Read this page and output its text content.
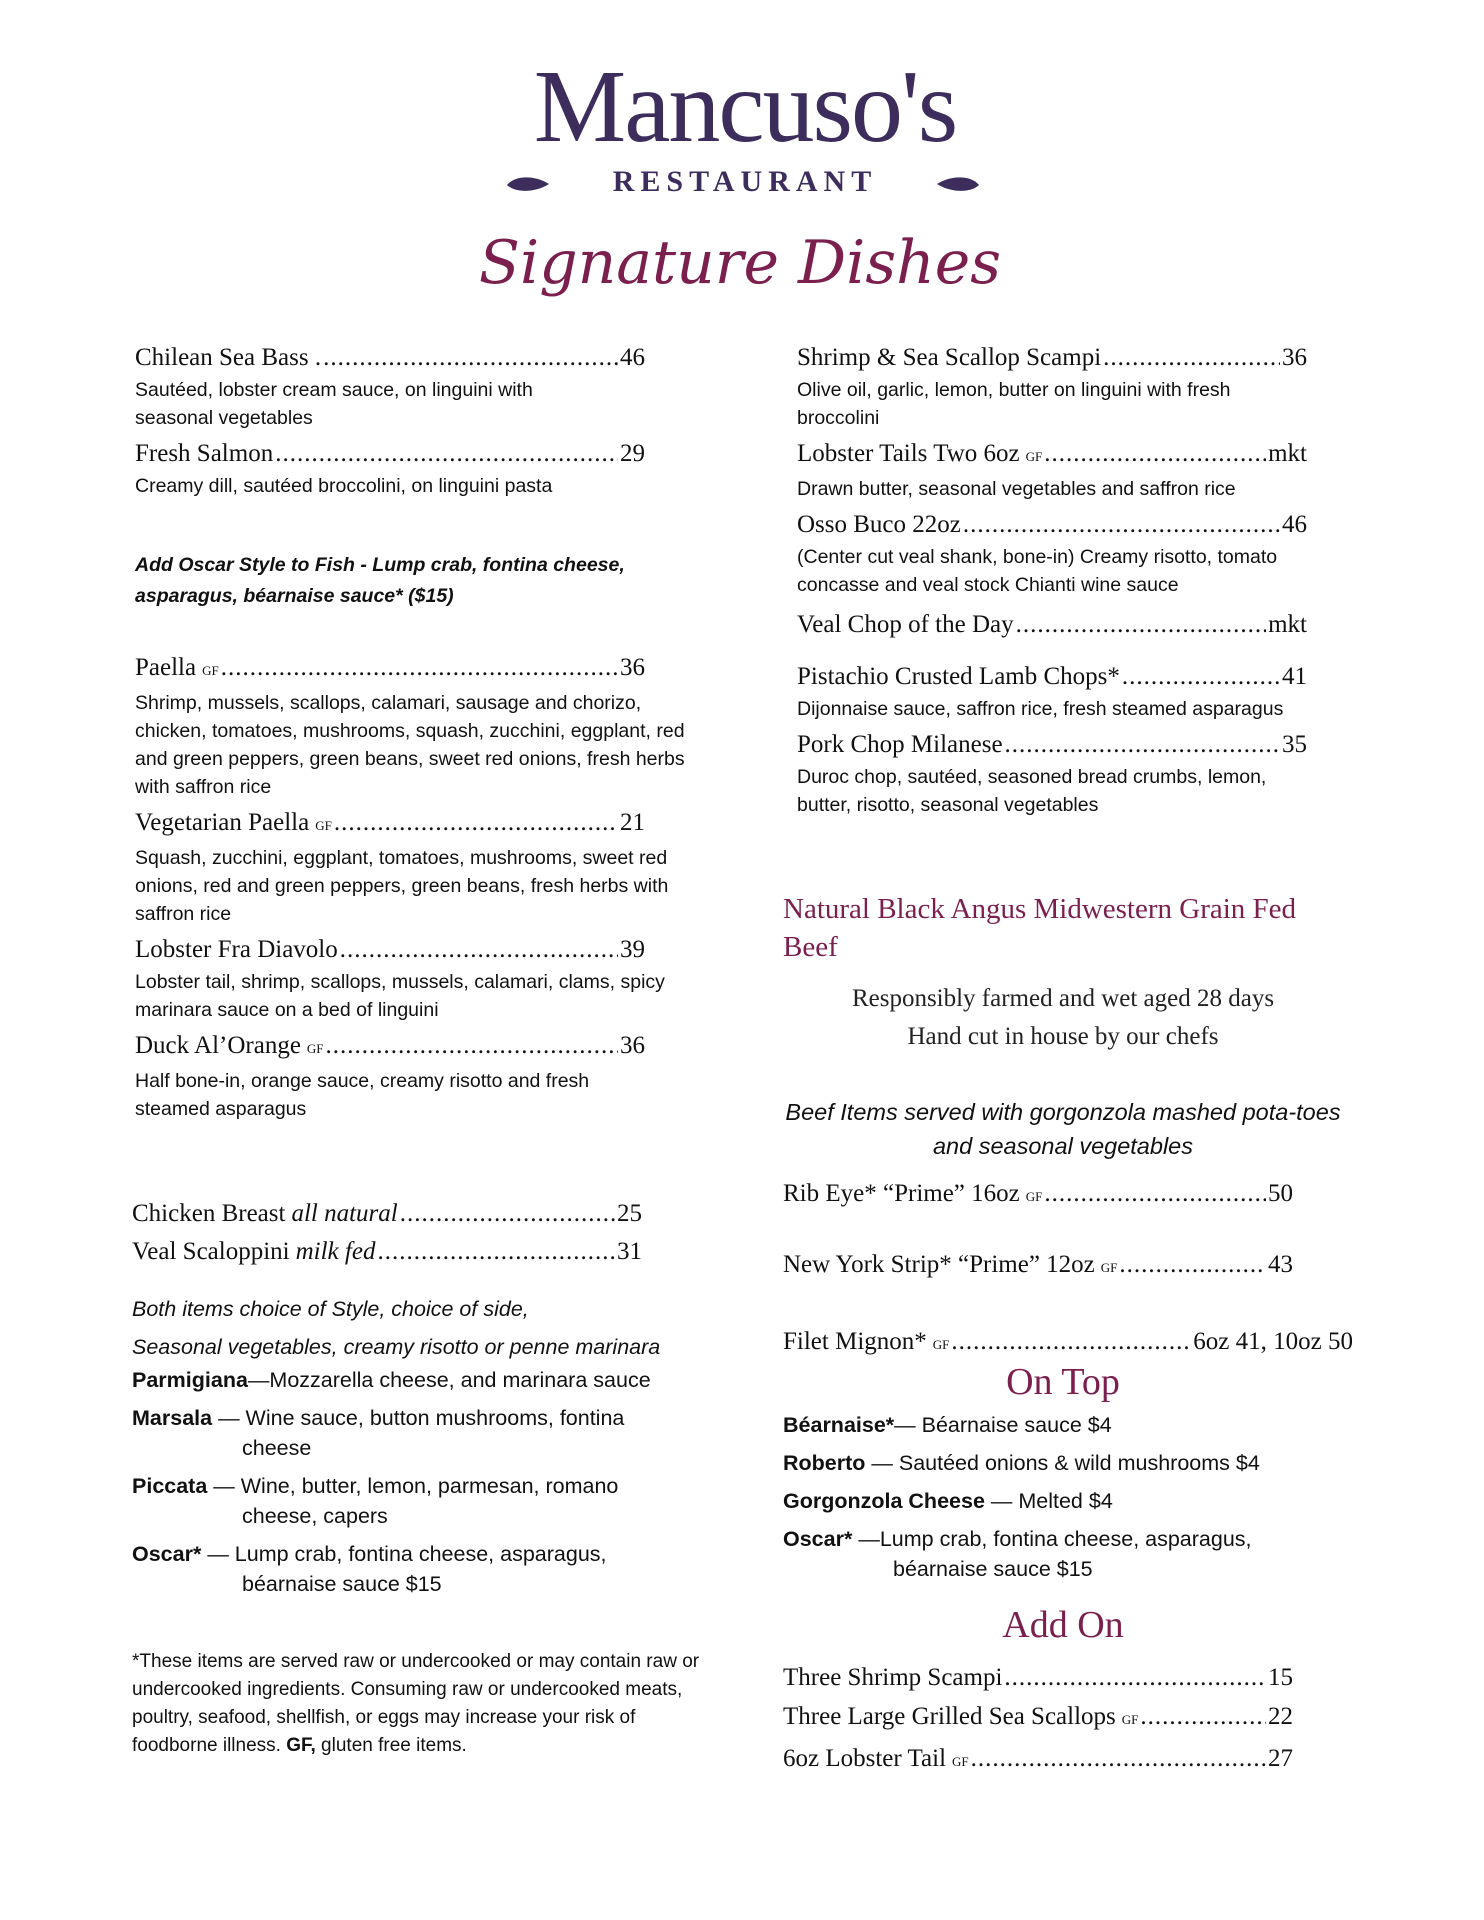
Mancuso's
RESTAURANT
Signature Dishes
Chilean Sea Bass . .....	46
Sautéed, lobster cream sauce, on linguini with seasonal vegetables
Fresh Salmon .....	29
Creamy dill, sautéed broccolini, on linguini pasta
Add Oscar Style to Fish - Lump crab, fontina cheese, asparagus, béarnaise sauce* ($15)
Paella GF .....	36
Shrimp, mussels, scallops, calamari, sausage and chorizo, chicken, tomatoes, mushrooms, squash, zucchini, eggplant, red and green peppers, green beans, sweet red onions, fresh herbs with saffron rice
Vegetarian Paella GF .....	21
Squash, zucchini, eggplant, tomatoes, mushrooms, sweet red onions, red and green peppers, green beans, fresh herbs with saffron rice
Lobster Fra Diavolo .....	39
Lobster tail, shrimp, scallops, mussels, calamari, clams, spicy marinara sauce on a bed of linguini
Duck Al’Orange GF .....	36
Half bone-in, orange sauce, creamy risotto and fresh steamed asparagus
Chicken Breast all natural .....	25
Veal Scaloppini milk fed .....	31
Both items choice of Style, choice of side,
Seasonal vegetables, creamy risotto or penne marinara
Parmigiana—Mozzarella cheese, and marinara sauce
Marsala — Wine sauce, button mushrooms, fontina
cheese
Piccata — Wine, butter, lemon, parmesan, romano
cheese, capers
Oscar* — Lump crab, fontina cheese, asparagus,
béarnaise sauce $15
*These items are served raw or undercooked or may contain raw or undercooked ingredients. Consuming raw or undercooked meats, poultry, seafood, shellfish, or eggs may increase your risk of foodborne illness. GF, gluten free items.
Shrimp & Sea Scallop Scampi .....	36
Olive oil, garlic, lemon, butter on linguini with fresh broccolini
Lobster Tails Two 6oz GF .....	mkt
Drawn butter, seasonal vegetables and saffron rice
Osso Buco 22oz .....	46
(Center cut veal shank, bone-in) Creamy risotto, tomato concasse and veal stock Chianti wine sauce
Veal Chop of the Day .....	mkt
Pistachio Crusted Lamb Chops* .....	41
Dijonnaise sauce, saffron rice, fresh steamed asparagus
Pork Chop Milanese .....	35
Duroc chop, sautéed, seasoned bread crumbs, lemon, butter, risotto, seasonal vegetables
Natural Black Angus Midwestern Grain Fed Beef
Responsibly farmed and wet aged 28 days
Hand cut in house by our chefs
Beef Items served with gorgonzola mashed pota-toes and seasonal vegetables
Rib Eye* “Prime” 16oz GF .....	50
New York Strip* “Prime” 12oz GF .....	43
Filet Mignon* GF .....	6oz 41, 10oz 50
On Top
Béarnaise*— Béarnaise sauce $4
Roberto — Sautéed onions & wild mushrooms $4
Gorgonzola Cheese — Melted $4
Oscar* —Lump crab, fontina cheese, asparagus,
béarnaise sauce $15
Add On
Three Shrimp Scampi .....	15
Three Large Grilled Sea Scallops GF .....	22
6oz Lobster Tail GF .....	27
